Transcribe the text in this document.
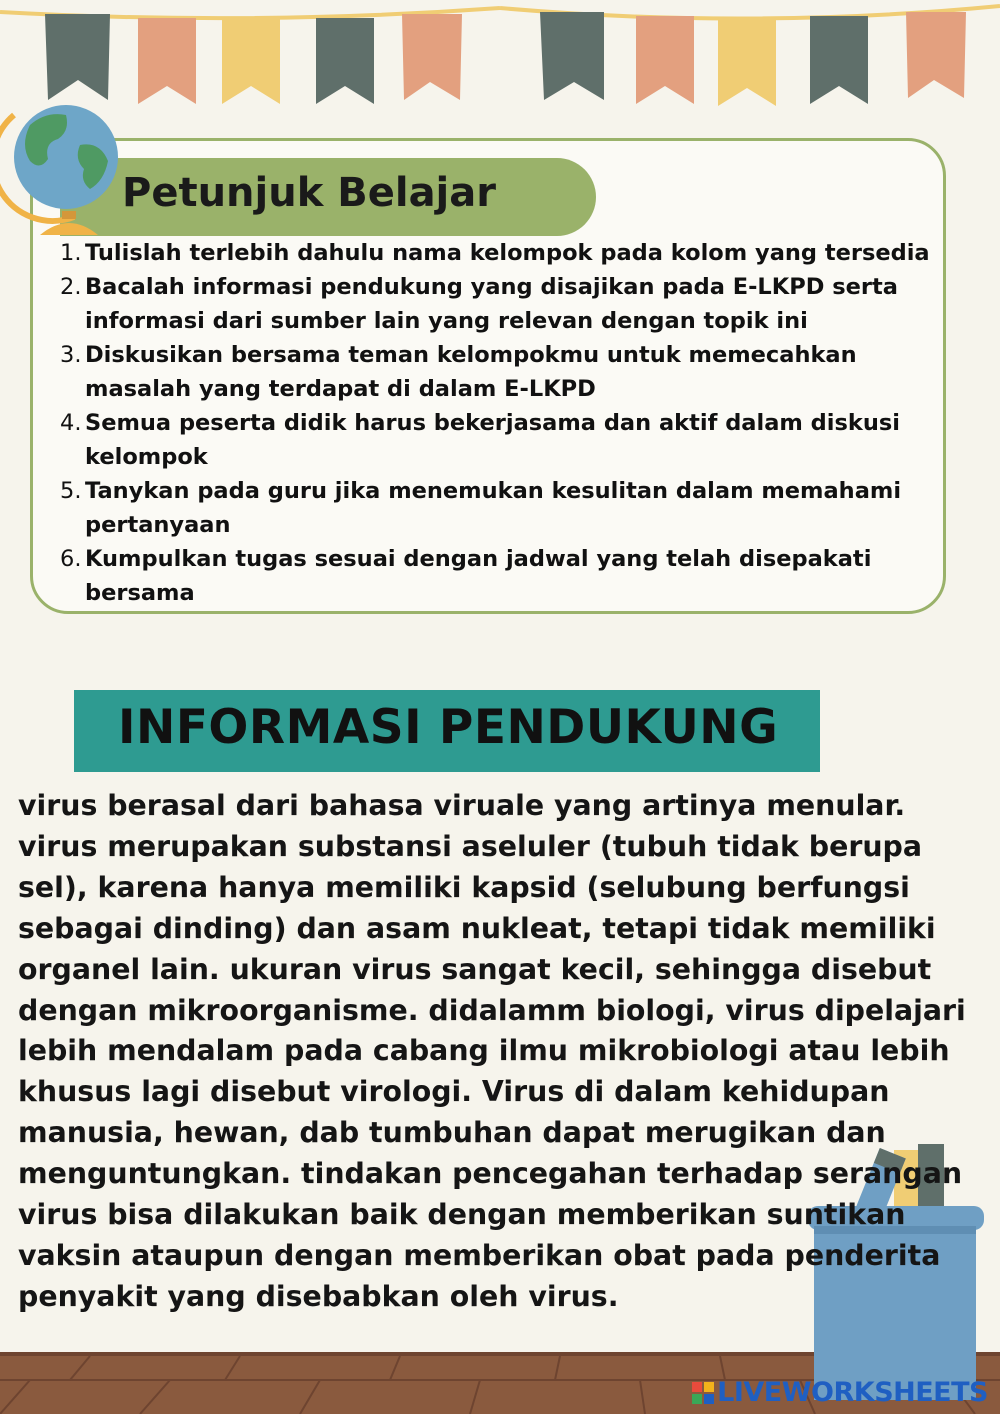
Petunjuk Belajar
1. Tulislah terlebih dahulu nama kelompok pada kolom yang tersedia
2. Bacalah informasi pendukung yang disajikan pada E-LKPD serta informasi dari sumber lain yang relevan dengan topik ini
3. Diskusikan bersama teman kelompokmu untuk memecahkan masalah yang terdapat di dalam E-LKPD
4. Semua peserta didik harus bekerjasama dan aktif dalam diskusi kelompok
5. Tanykan pada guru jika menemukan kesulitan dalam memahami pertanyaan
6. Kumpulkan tugas sesuai dengan jadwal yang telah disepakati bersama
INFORMASI PENDUKUNG

virus berasal dari bahasa viruale yang artinya menular. virus merupakan substansi aseluler (tubuh tidak berupa sel), karena hanya memiliki kapsid (selubung berfungsi sebagai dinding) dan asam nukleat, tetapi tidak memiliki organel lain. ukuran virus sangat kecil, sehingga disebut dengan mikroorganisme. didalamm biologi, virus dipelajari lebih mendalam pada cabang ilmu mikrobiologi atau lebih khusus lagi disebut virologi. Virus di dalam kehidupan manusia, hewan, dab tumbuhan dapat merugikan dan menguntungkan. tindakan pencegahan terhadap serangan virus bisa dilakukan baik dengan memberikan suntikan vaksin ataupun dengan memberikan obat pada penderita penyakit yang disebabkan oleh virus.

LIVEWORKSHEETS
